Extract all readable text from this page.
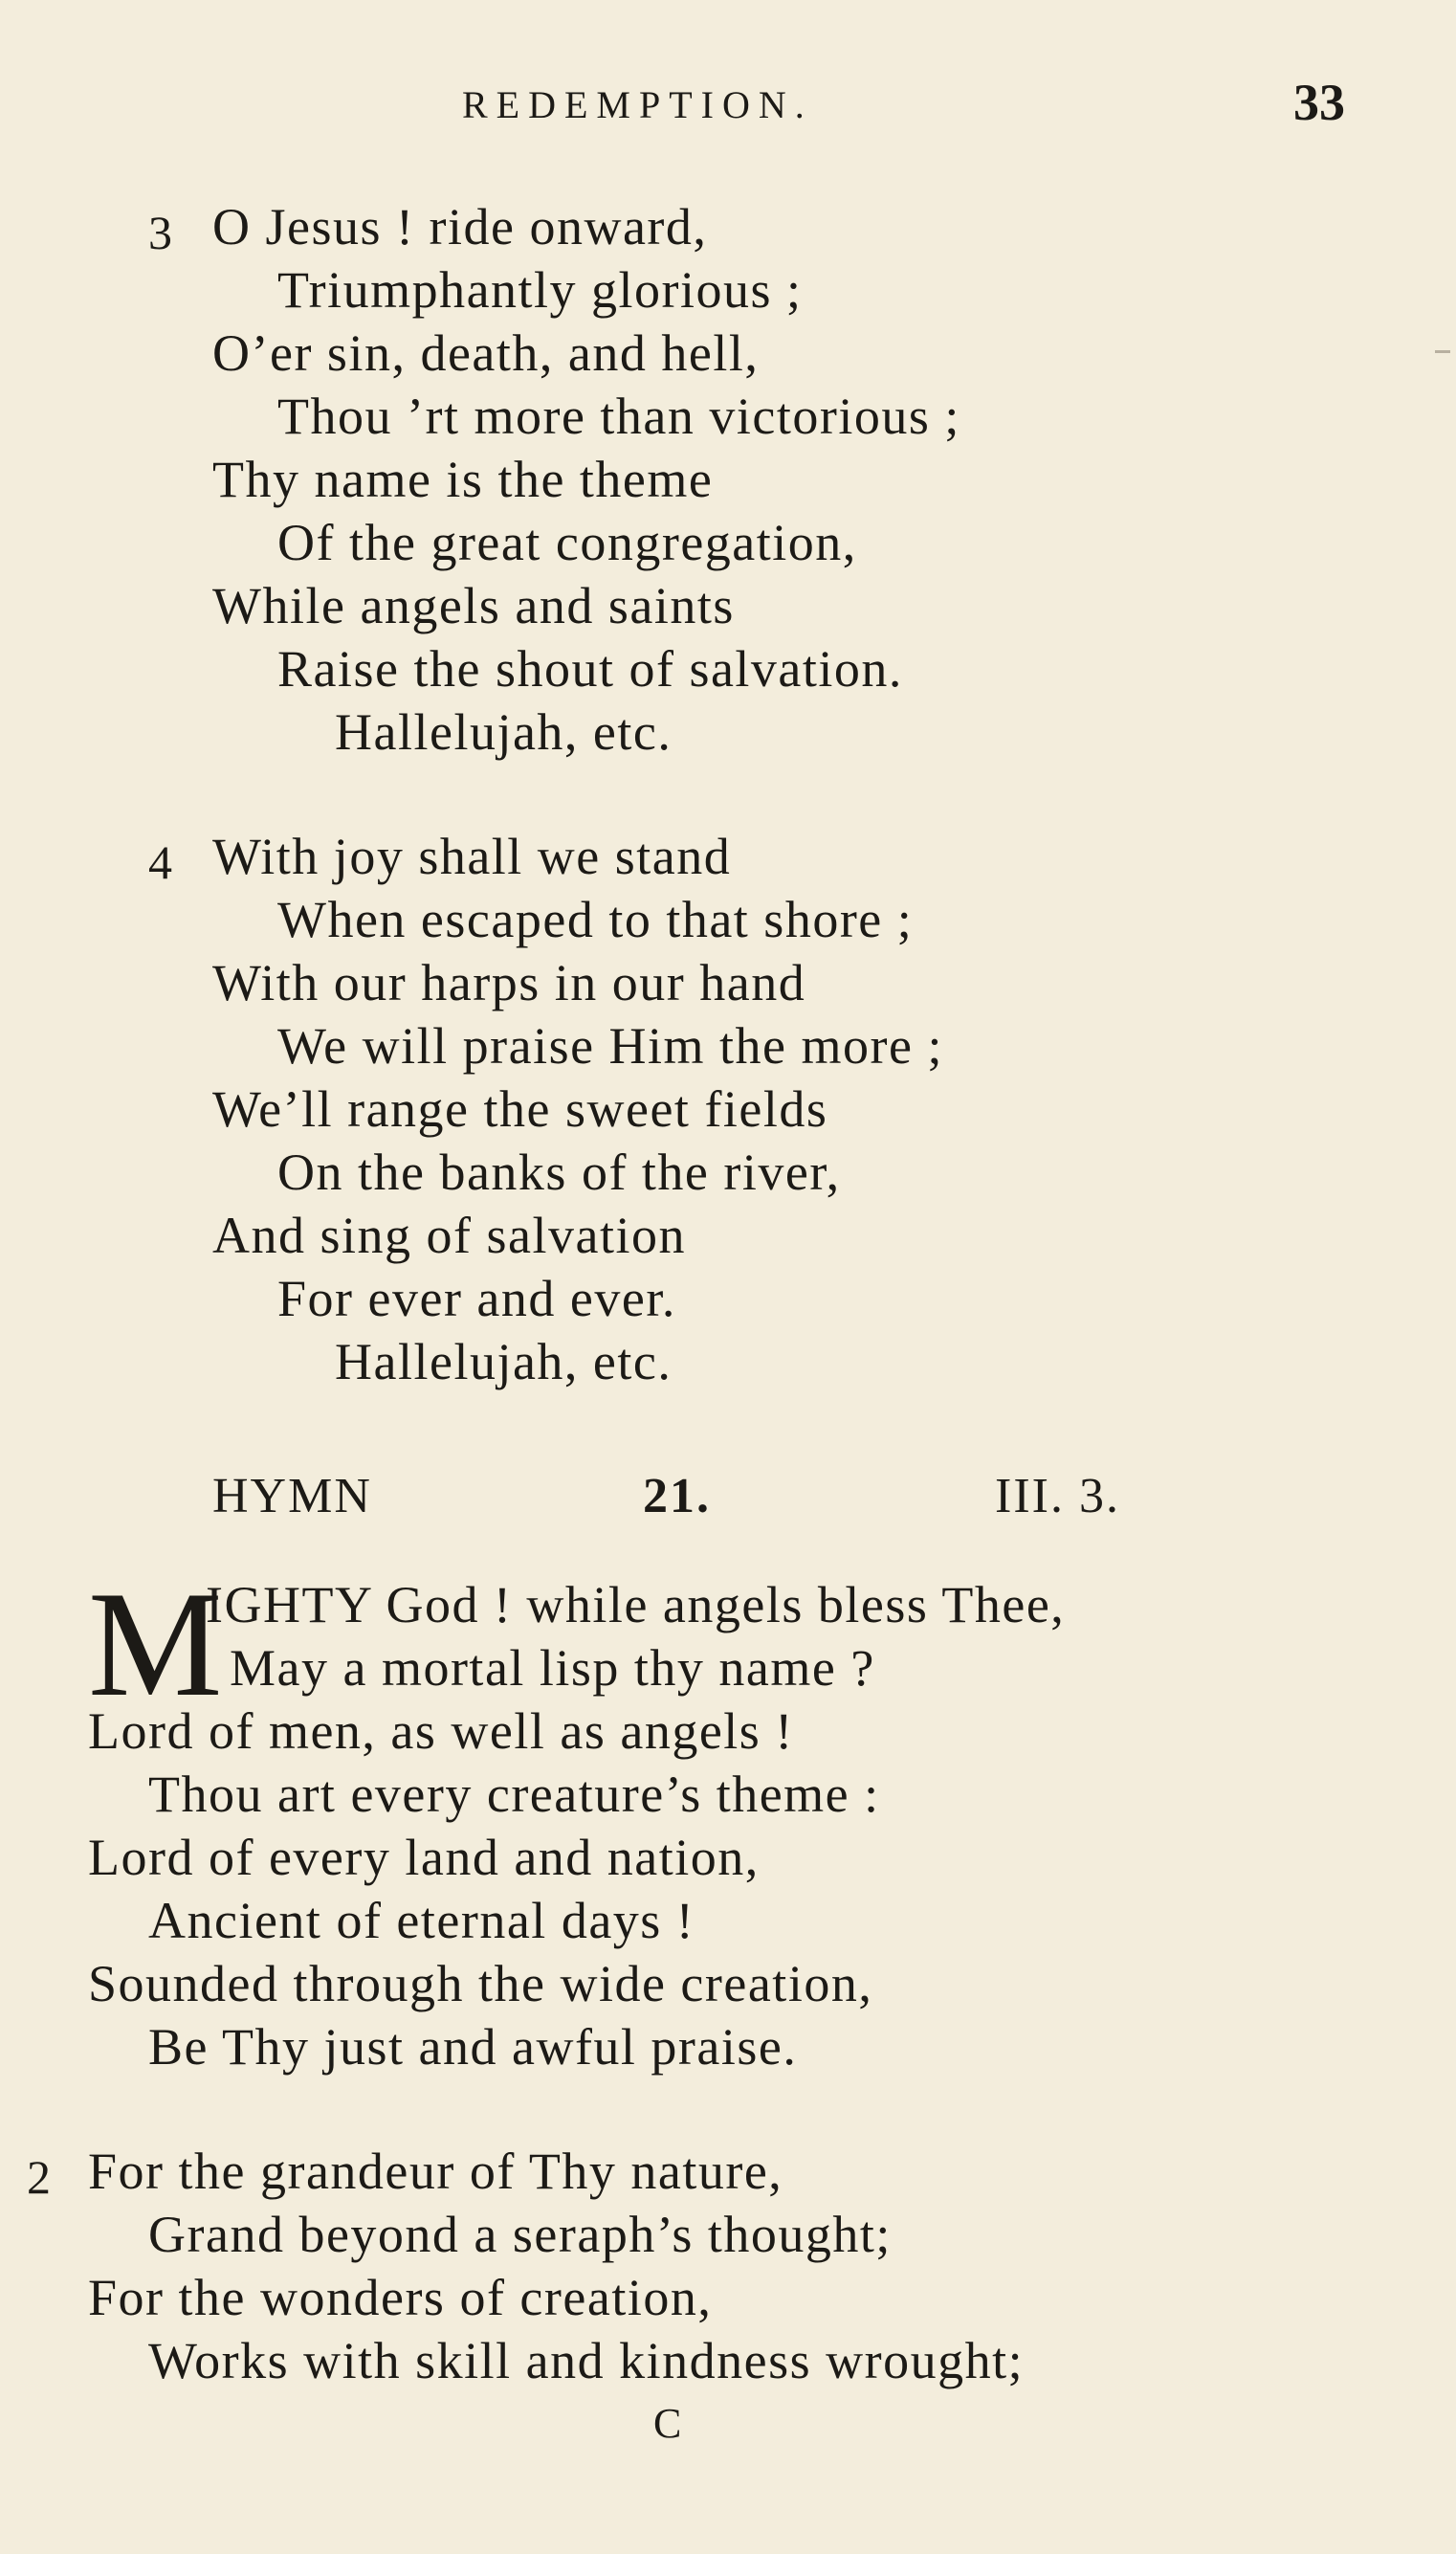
REDEMPTION.	33
3 O Jesus ! ride onward,
Triumphantly glorious ;
O’er sin, death, and hell,
Thou ’rt more than victorious ;
Thy name is the theme
Of the great congregation,
While angels and saints
Raise the shout of salvation.
Hallelujah, etc.
4 With joy shall we stand
When escaped to that shore ;
With our harps in our hand
We will praise Him the more ;
We’ll range the sweet fields
On the banks of the river,
And sing of salvation
For ever and ever.
Hallelujah, etc.
HYMN	21.	III. 3.
M
IGHTY God ! while angels bless Thee,
May a mortal lisp thy name ?
Lord of men, as well as angels !
Thou art every creature’s theme :
Lord of every land and nation,
Ancient of eternal days !
Sounded through the wide creation,
Be Thy just and awful praise.
2 For the grandeur of Thy nature,
Grand beyond a seraph’s thought;
For the wonders of creation,
Works with skill and kindness wrought;
C
